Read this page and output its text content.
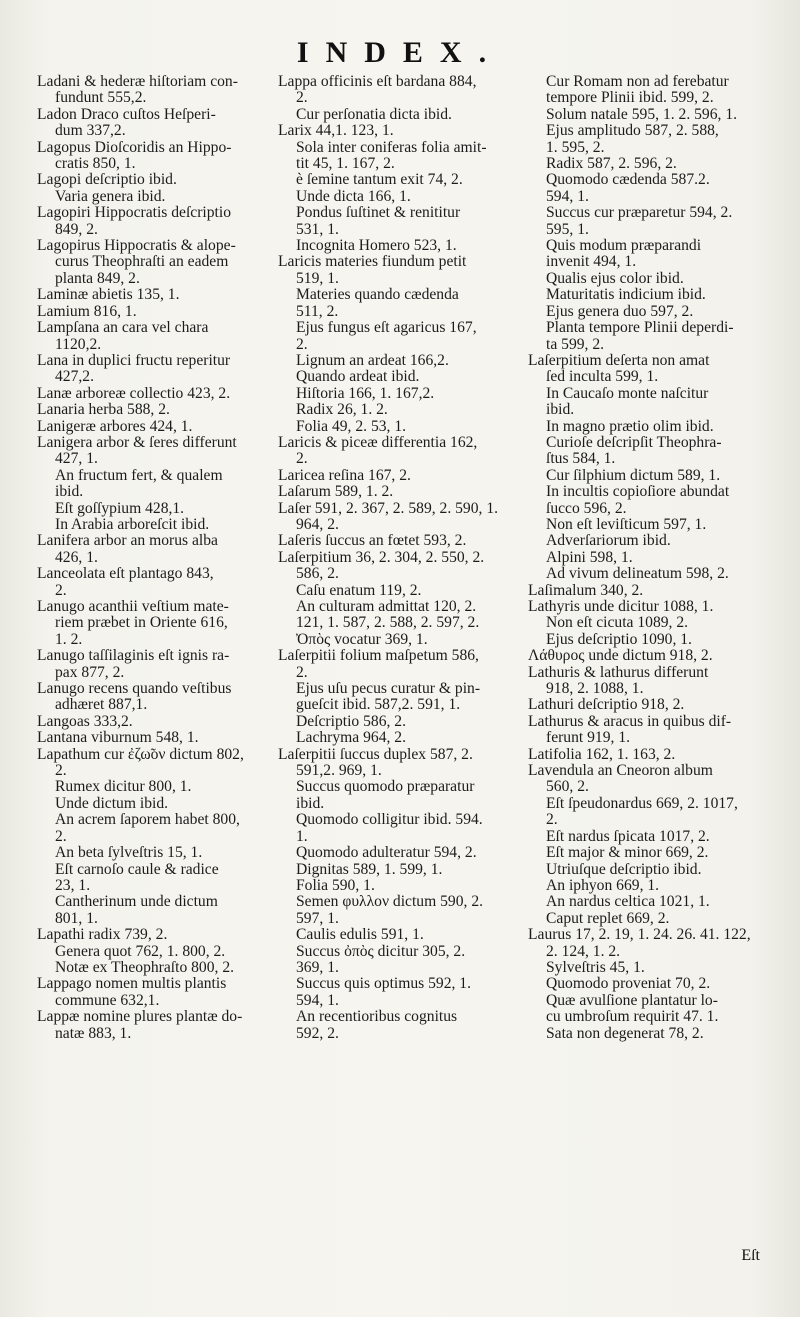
INDEX.

Ladani & hederæ hiſtoriam con-

fundunt 555,2.

Ladon Draco cuſtos Heſperi-

dum 337,2.

Lagopus Dioſcoridis an Hippo-

cratis 850, 1.

Lagopi deſcriptio ibid.

Varia genera ibid.

Lagopiri Hippocratis deſcriptio

849, 2.

Lagopirus Hippocratis & alope-

curus Theophraſti an eadem

planta 849, 2.

Laminæ abietis 135, 1.

Lamium 816, 1.

Lampſana an cara vel chara

1120,2.

Lana in duplici fructu reperitur

427,2.

Lanæ arboreæ collectio 423, 2.

Lanaria herba 588, 2.

Lanigeræ arbores 424, 1.

Lanigera arbor & ſeres differunt

427, 1.

An fructum fert, & qualem

ibid.

Eſt goſſypium 428,1.

In Arabia arboreſcit ibid.

Lanifera arbor an morus alba

426, 1.

Lanceolata eſt plantago 843,

2.

Lanugo acanthii veſtium mate-

riem præbet in Oriente 616,

1. 2.

Lanugo taſſilaginis eſt ignis ra-

pax 877, 2.

Lanugo recens quando veſtibus

adhæret 887,1.

Langoas 333,2.

Lantana viburnum 548, 1.

Lapathum cur ἐζω̃ον dictum 802,

2.

Rumex dicitur 800, 1.

Unde dictum ibid.

An acrem ſaporem habet 800,

2.

An beta ſylveſtris 15, 1.

Eſt carnoſo caule & radice

23, 1.

Cantherinum unde dictum

801, 1.

Lapathi radix 739, 2.

Genera quot 762, 1. 800, 2.

Notæ ex Theophraſto 800, 2.

Lappago nomen multis plantis

commune 632,1.

Lappæ nomine plures plantæ do-

natæ 883, 1.

Lappa officinis eſt bardana 884,

2.

Cur perſonatia dicta ibid.

Larix 44,1. 123, 1.

Sola inter coniferas folia amit-

tit 45, 1. 167, 2.

è ſemine tantum exit 74, 2.

Unde dicta 166, 1.

Pondus ſuſtinet & renititur

531, 1.

Incognita Homero 523, 1.

Laricis materies fiundum petit

519, 1.

Materies quando cædenda

511, 2.

Ejus fungus eſt agaricus 167,

2.

Lignum an ardeat 166,2.

Quando ardeat ibid.

Hiſtoria 166, 1. 167,2.

Radix 26, 1. 2.

Folia 49, 2. 53, 1.

Laricis & piceæ differentia 162,

2.

Laricea reſina 167, 2.

Laſarum 589, 1. 2.

Laſer 591, 2. 367, 2. 589, 2. 590, 1.

964, 2.

Laſeris ſuccus an fœtet 593, 2.

Laſerpitium 36, 2. 304, 2. 550, 2.

586, 2.

Caſu enatum 119, 2.

An culturam admittat 120, 2.

121, 1. 587, 2. 588, 2. 597, 2.

Ὀπὸς vocatur 369, 1.

Laſerpitii folium maſpetum 586,

2.

Ejus uſu pecus curatur & pin-

gueſcit ibid. 587,2. 591, 1.

Deſcriptio 586, 2.

Lachryma 964, 2.

Laſerpitii ſuccus duplex 587, 2.

591,2. 969, 1.

Succus quomodo præparatur

ibid.

Quomodo colligitur ibid. 594.

1.

Quomodo adulteratur 594, 2.

Dignitas 589, 1. 599, 1.

Folia 590, 1.

Semen φυλλον dictum 590, 2.

597, 1.

Caulis edulis 591, 1.

Succus ὀπὸς dicitur 305, 2.

369, 1.

Succus quis optimus 592, 1.

594, 1.

An recentioribus cognitus

592, 2.

Cur Romam non ad ferebatur

tempore Plinii ibid. 599, 2.

Solum natale 595, 1. 2. 596, 1.

Ejus amplitudo 587, 2. 588,

1. 595, 2.

Radix 587, 2. 596, 2.

Quomodo cædenda 587.2.

594, 1.

Succus cur præparetur 594, 2.

595, 1.

Quis modum præparandi

invenit 494, 1.

Qualis ejus color ibid.

Maturitatis indicium ibid.

Ejus genera duo 597, 2.

Planta tempore Plinii deperdi-

ta 599, 2.

Laſerpitium deſerta non amat

ſed inculta 599, 1.

In Caucaſo monte naſcitur

ibid.

In magno prætio olim ibid.

Curioſe deſcripſit Theophra-

ſtus 584, 1.

Cur ſilphium dictum 589, 1.

In incultis copioſiore abundat

ſucco 596, 2.

Non eſt leviſticum 597, 1.

Adverſariorum ibid.

Alpini 598, 1.

Ad vivum delineatum 598, 2.

Laſimalum 340, 2.

Lathyris unde dicitur 1088, 1.

Non eſt cicuta 1089, 2.

Ejus deſcriptio 1090, 1.

Λάθυρος unde dictum 918, 2.

Lathuris & lathurus differunt

918, 2. 1088, 1.

Lathuri deſcriptio 918, 2.

Lathurus & aracus in quibus dif-

ferunt 919, 1.

Latifolia 162, 1. 163, 2.

Lavendula an Cneoron album

560, 2.

Eſt ſpeudonardus 669, 2. 1017,

2.

Eſt nardus ſpicata 1017, 2.

Eſt major & minor 669, 2.

Utriuſque deſcriptio ibid.

An iphyon 669, 1.

An nardus celtica 1021, 1.

Caput replet 669, 2.

Laurus 17, 2. 19, 1. 24. 26. 41. 122,

2. 124, 1. 2.

Sylveſtris 45, 1.

Quomodo proveniat 70, 2.

Quæ avulſione plantatur lo-

cu umbroſum requirit 47. 1.

Sata non degenerat 78, 2.

Eſt
